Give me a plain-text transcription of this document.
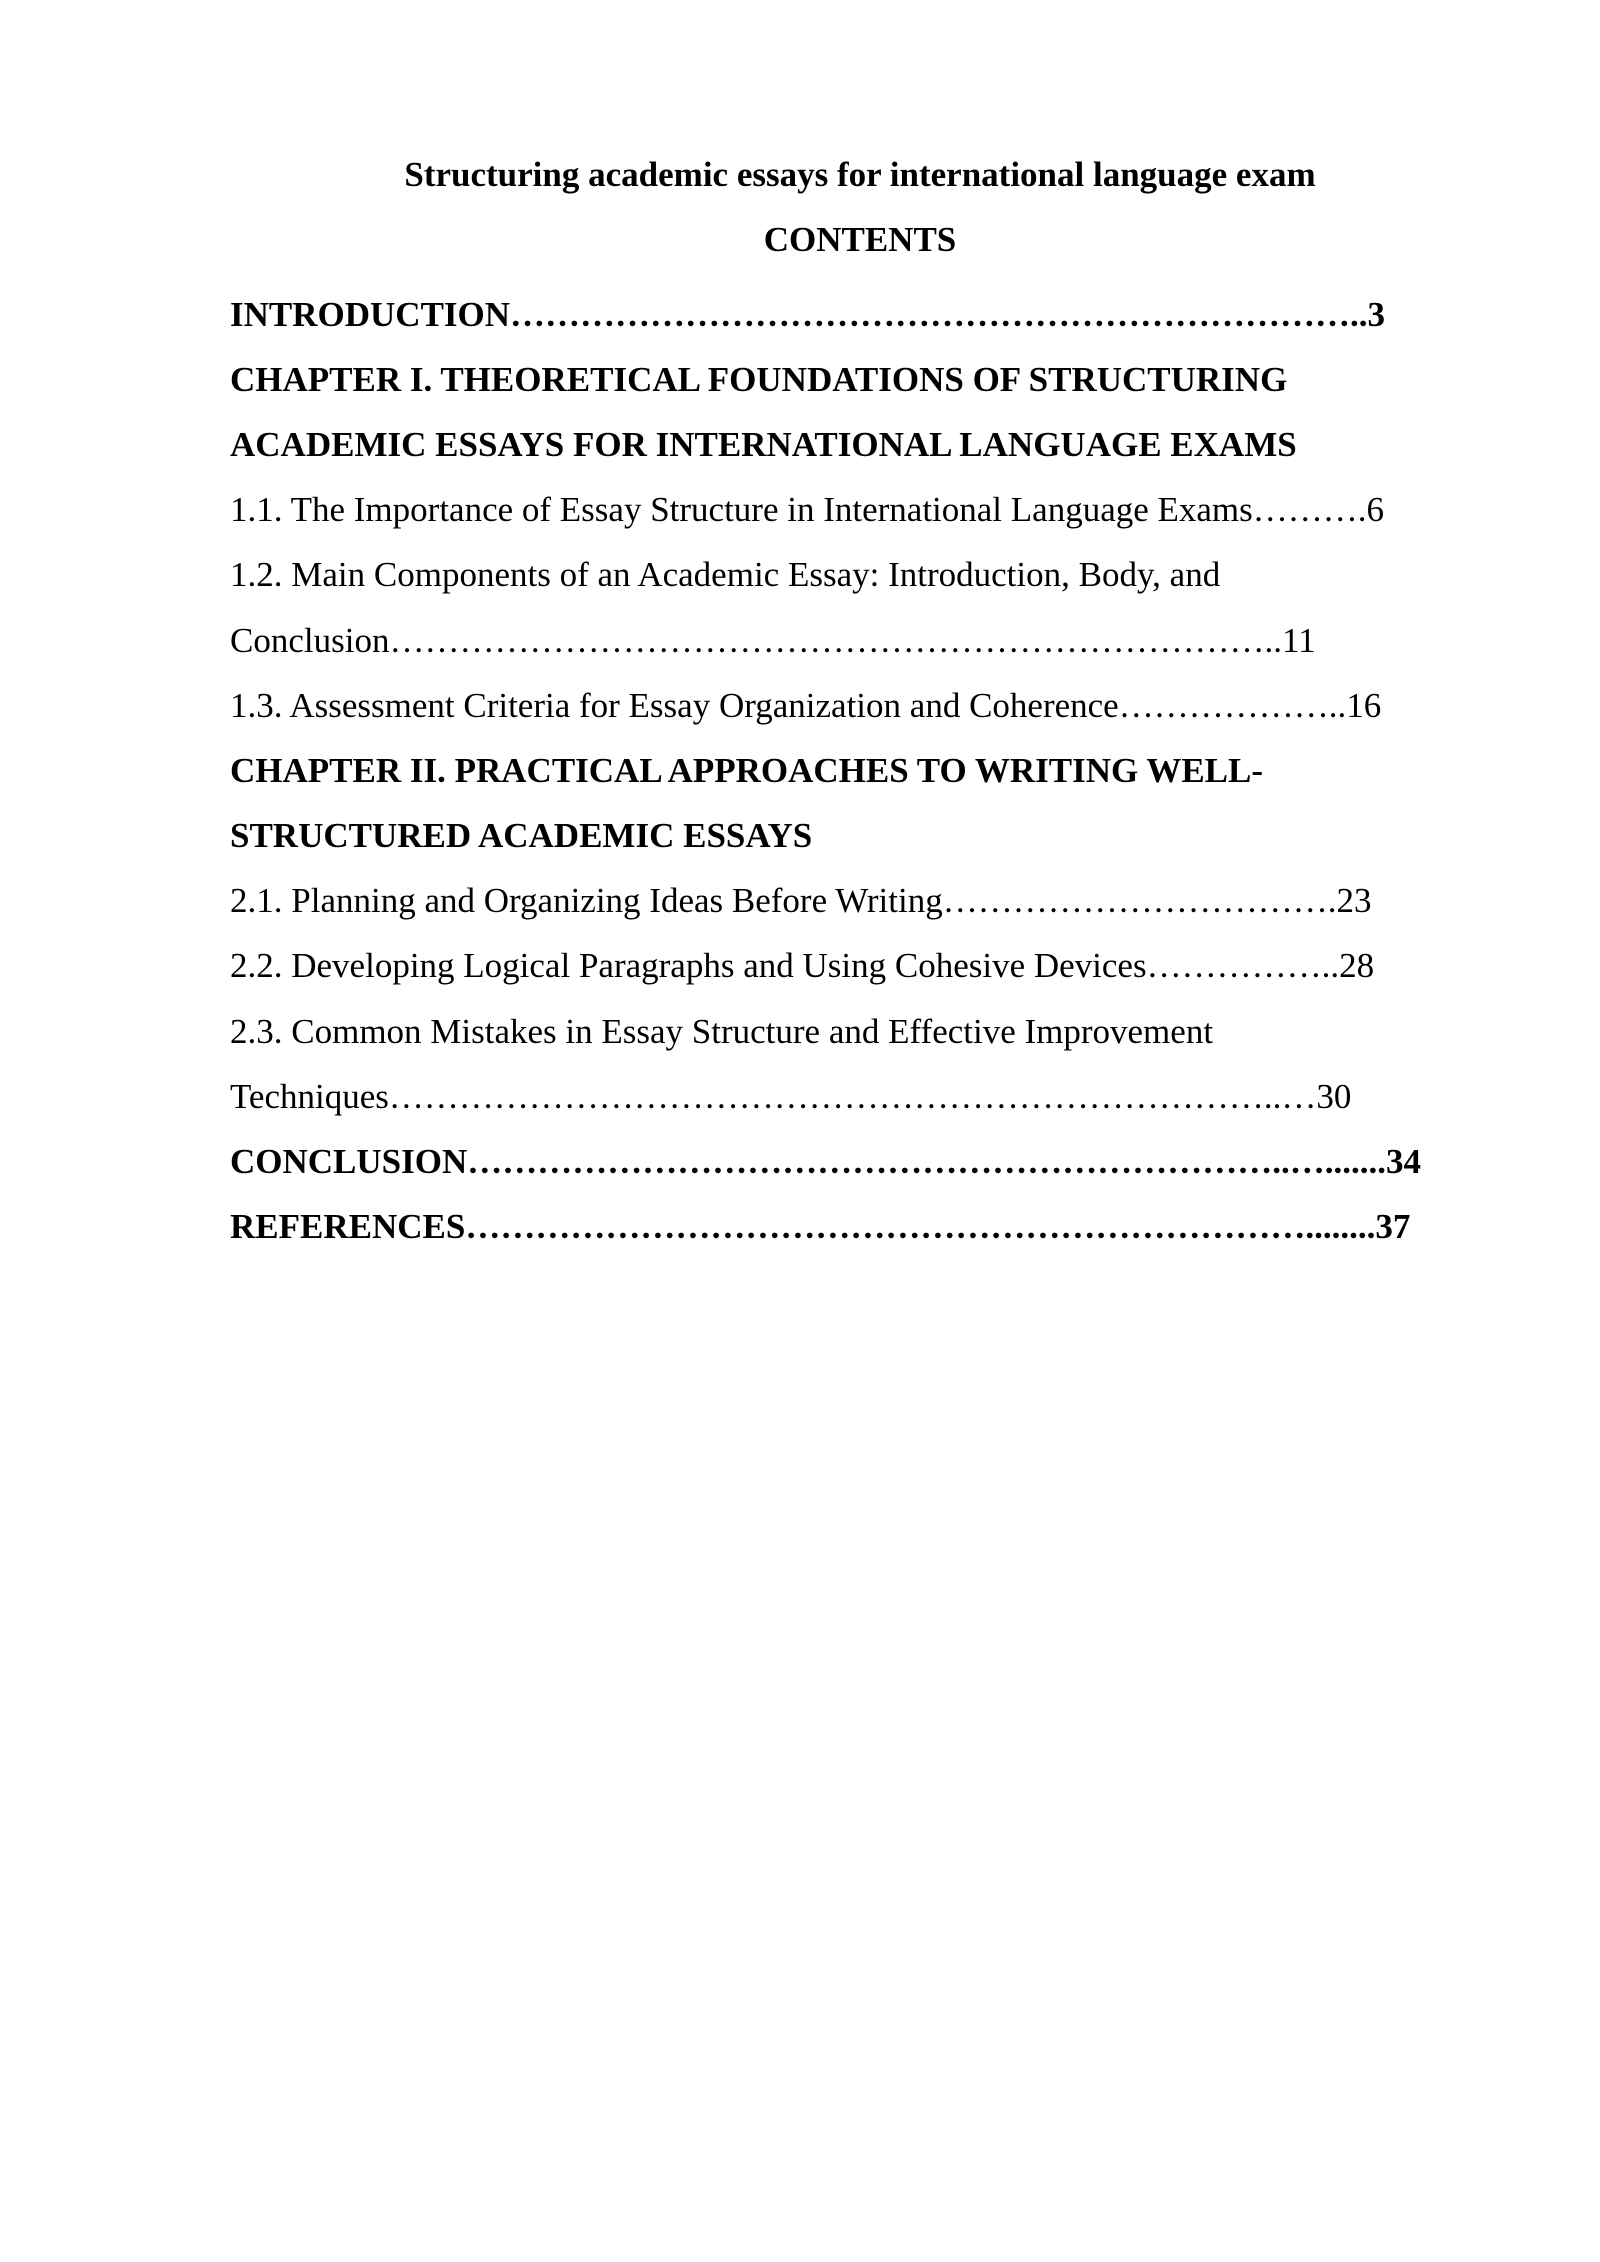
Structuring academic essays for international language exam
CONTENTS
INTRODUCTION………………………………………………………………..3
CHAPTER I. THEORETICAL FOUNDATIONS OF STRUCTURING
ACADEMIC ESSAYS FOR INTERNATIONAL LANGUAGE EXAMS
1.1. The Importance of Essay Structure in International Language Exams……….6
1.2. Main Components of an Academic Essay: Introduction, Body, and
Conclusion…………………………………………………………………..11
1.3. Assessment Criteria for Essay Organization and Coherence………………..16
CHAPTER II. PRACTICAL APPROACHES TO WRITING WELL-
STRUCTURED ACADEMIC ESSAYS
2.1. Planning and Organizing Ideas Before Writing…………………………….23
2.2. Developing Logical Paragraphs and Using Cohesive Devices……………..28
2.3. Common Mistakes in Essay Structure and Effective Improvement
Techniques…………………………………………………………………..…30
CONCLUSION……………………………………………………………..….......34
REFERENCES………………………………………………………………........37
